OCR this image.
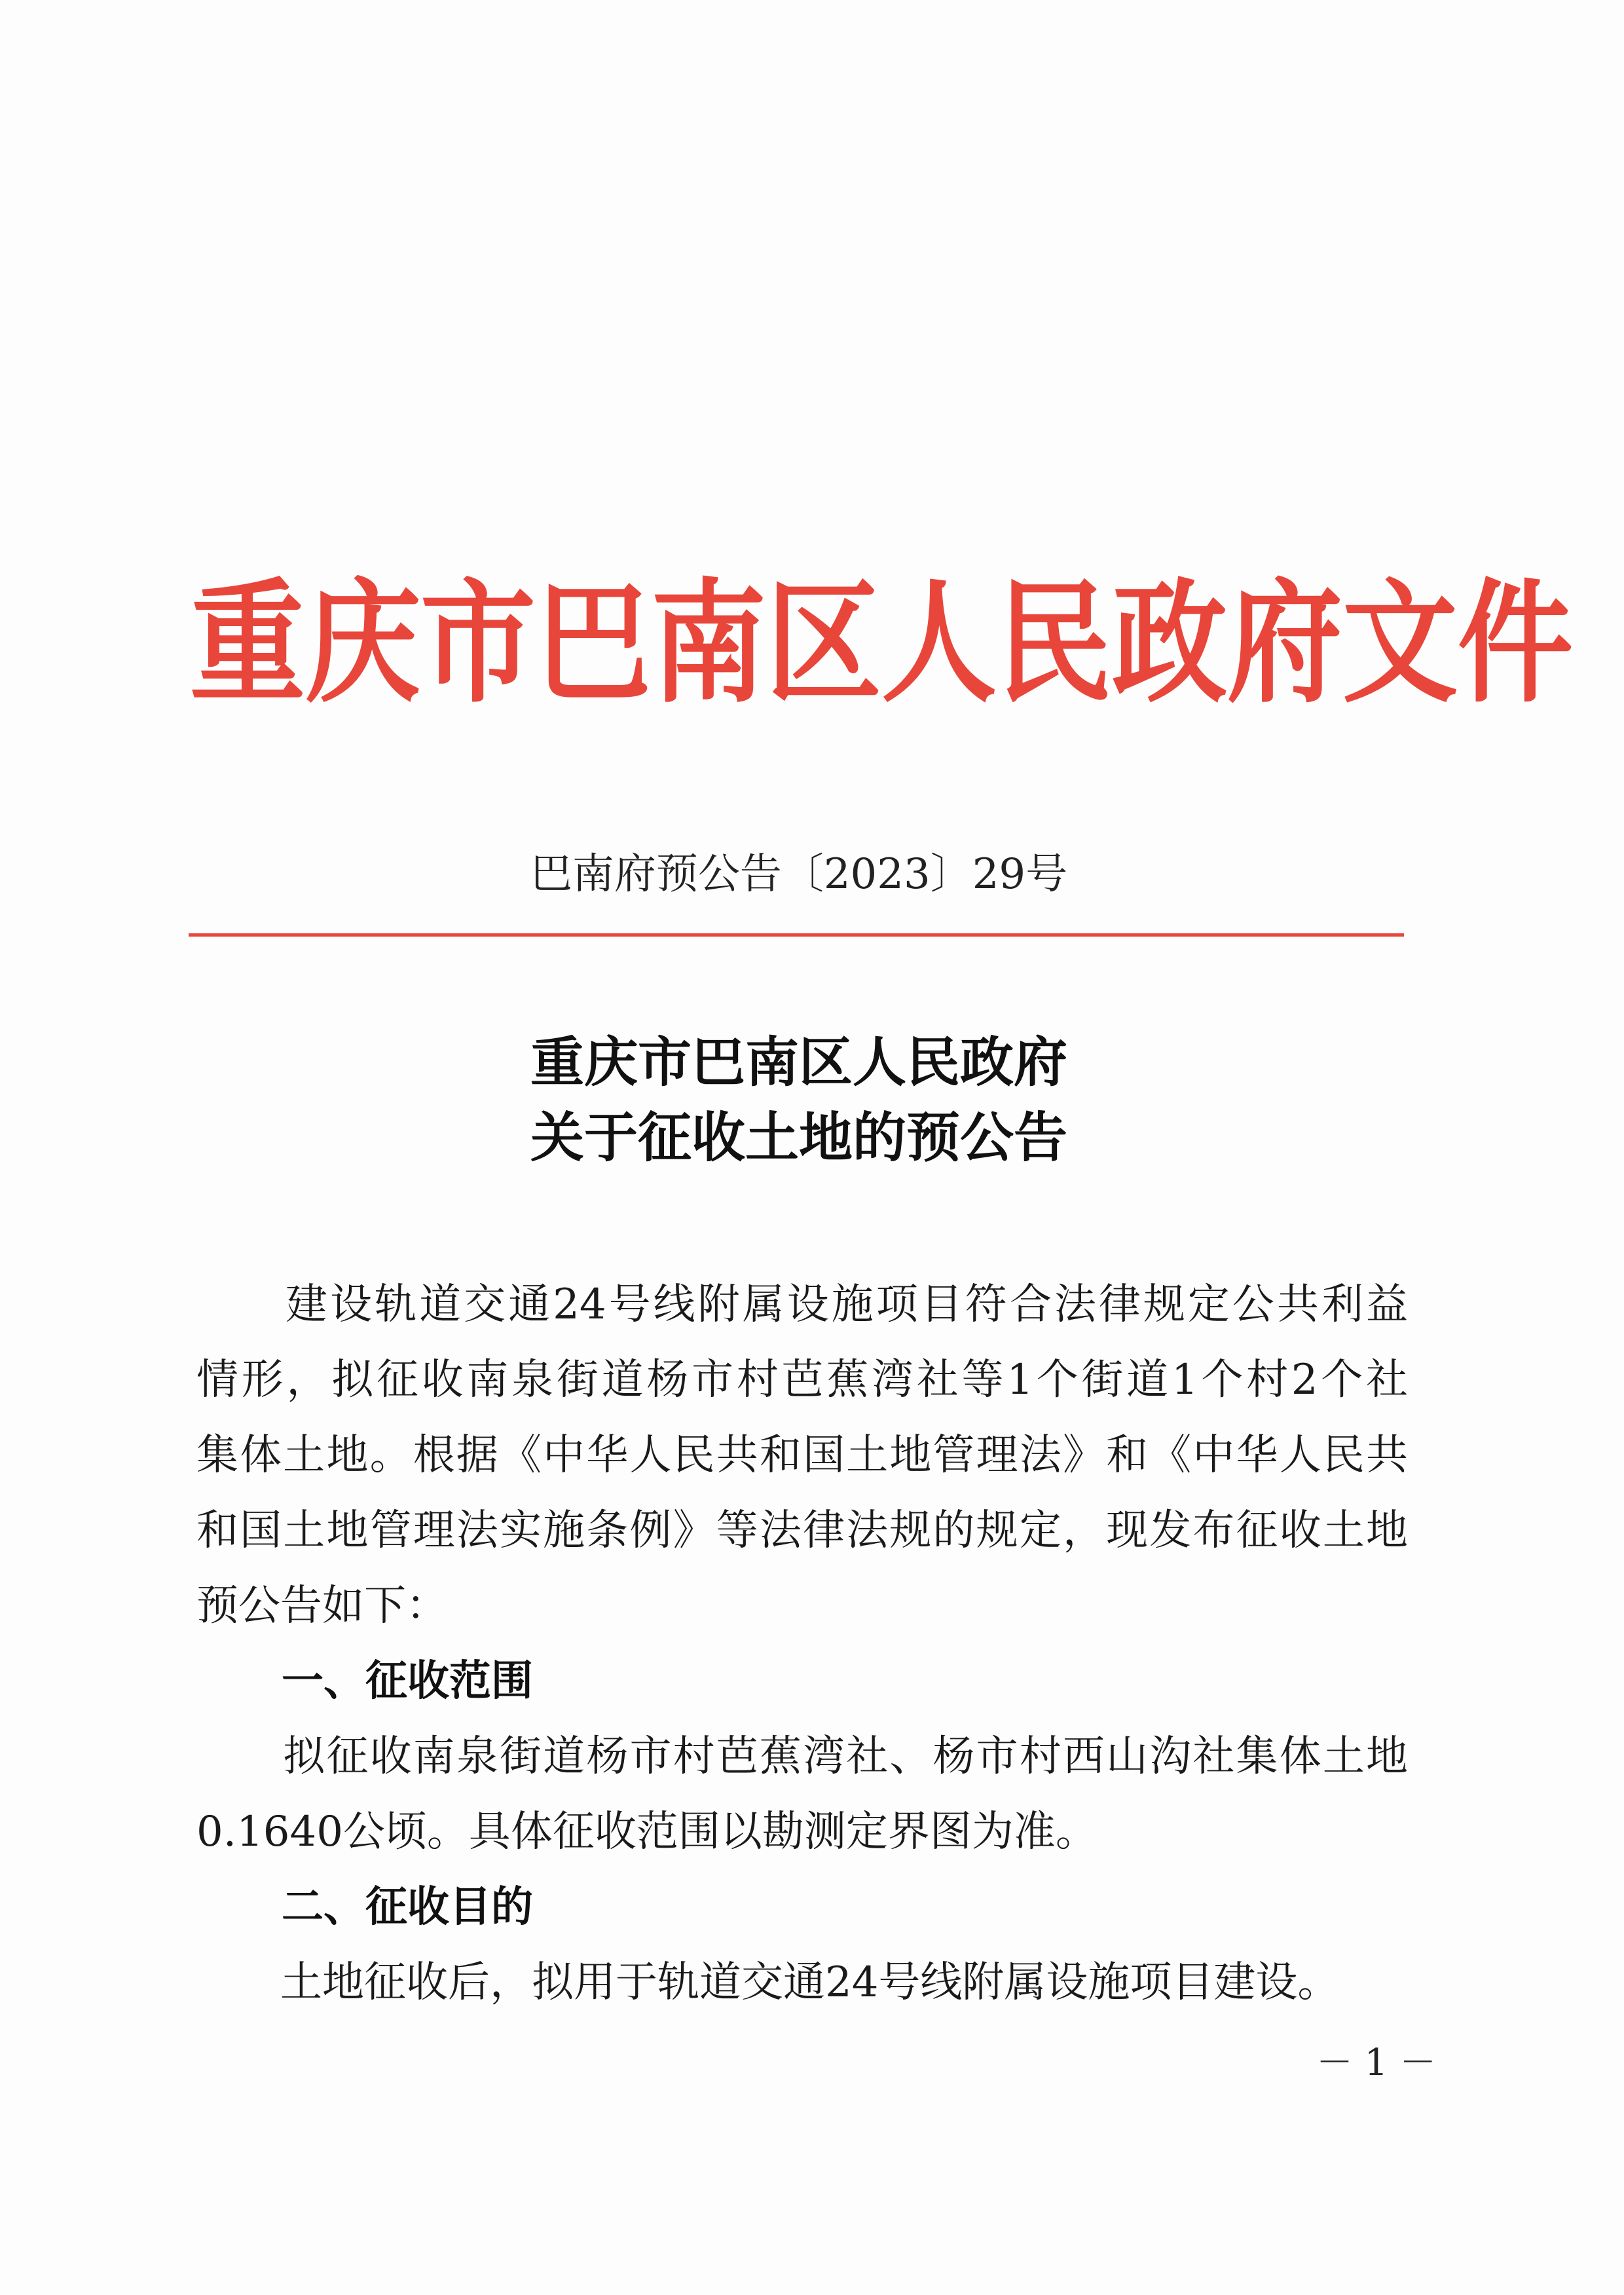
重庆市巴南区人民政府文件
巴南府预公告〔2023〕29号
重庆市巴南区人民政府
关于征收土地的预公告
　　建设轨道交通24号线附属设施项目符合法律规定公共利益
情形，拟征收南泉街道杨市村芭蕉湾社等1个街道1个村2个社
集体土地。根据《中华人民共和国土地管理法》和《中华人民共
和国土地管理法实施条例》等法律法规的规定，现发布征收土地
预公告如下：
一、征收范围
　　拟征收南泉街道杨市村芭蕉湾社、杨市村西山沟社集体土地
0.1640公顷。具体征收范围以勘测定界图为准。
二、征收目的
　　土地征收后，拟用于轨道交通24号线附属设施项目建设。
－ 1 －
